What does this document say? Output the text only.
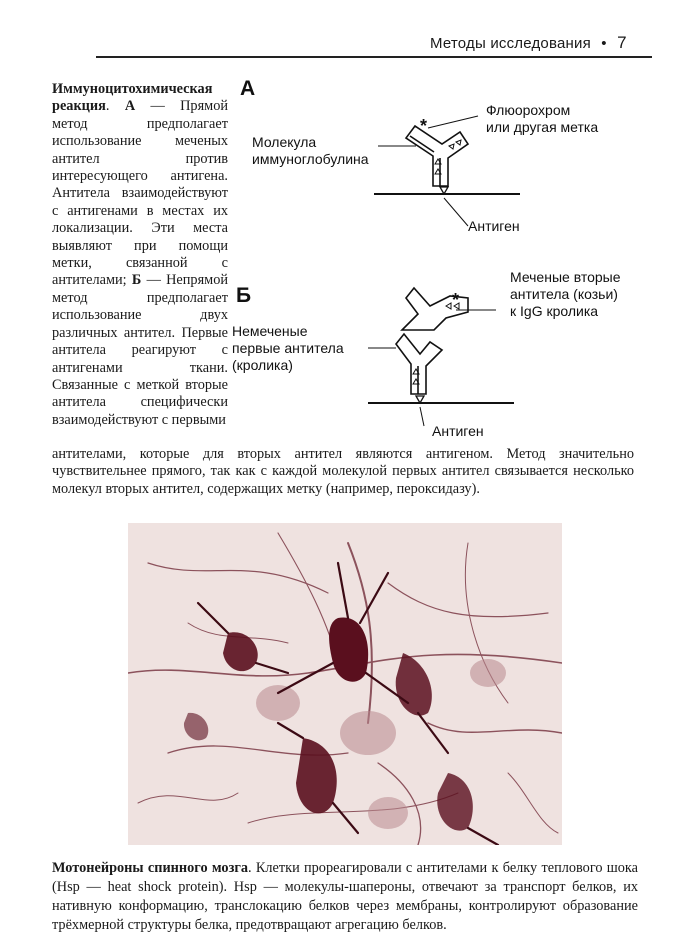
Методы исследования • 7
Иммуноцитохимическая реакция. А — Прямой метод предполагает использование меченых антител против интересующего антигена. Антитела взаимодействуют с антигенами в местах их локализации. Эти места выявляют при помощи метки, связанной с антителами; Б — Непрямой метод предполагает использование двух различных антител. Первые антитела реагируют с антигенами ткани. Связанные с меткой вторые антитела специфически взаимодействуют с первыми
антителами, которые для вторых антител являются антигеном. Метод значительно чувствительнее прямого, так как с каждой молекулой первых антител связывается несколько молекул вторых антител, содержащих метку (например, пероксидазу).
А
*
Флюорохром
или другая метка
Молекула
иммуноглобулина
Антиген
Б	*
Меченые вторые
антитела (козьи)
к IgG кролика
Немеченые
первые антитела
(кролика)
Антиген
Мотонейроны спинного мозга. Клетки прореагировали с антителами к белку теплового шока (Hsp — heat shock protein). Hsp — молекулы-шапероны, отвечают за транспорт белков, их нативную конформацию, транслокацию белков через мембраны, контролируют образование трёхмерной структуры белка, предотвращают агрегацию белков.
